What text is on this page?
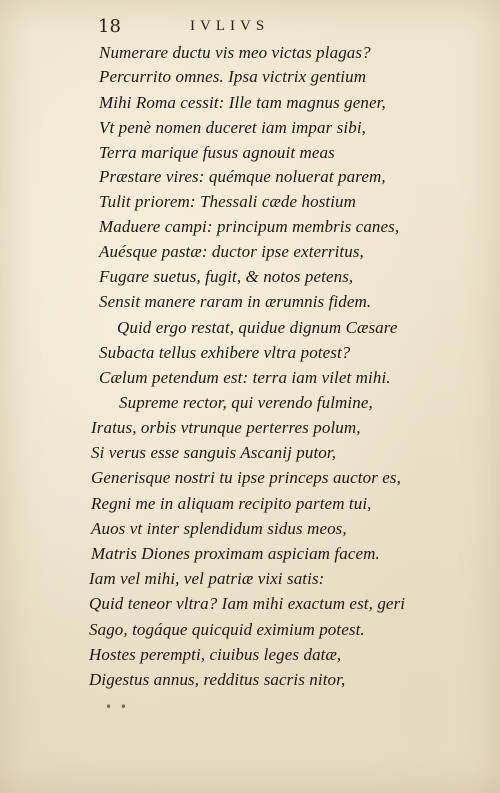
18	IVLIVS
Numerare ductu vis meo victas plagas?
Percurrito omnes. Ipsa victrix gentium
Mihi Roma cessit: Ille tam magnus gener,
Vt penè nomen duceret iam impar sibi,
Terra marique fusus agnouit meas
Præstare vires: quémque noluerat parem,
Tulit priorem: Thessali cæde hostium
Maduere campi: principum membris canes,
Auésque pastæ: ductor ipse exterritus,
Fugare suetus, fugit, & notos petens,
Sensit manere raram in ærumnis fidem.
Quid ergo restat, quidue dignum Cæsare
Subacta tellus exhibere vltra potest?
Cælum petendum est: terra iam vilet mihi.
Supreme rector, qui verendo fulmine,
Iratus, orbis vtrunque perterres polum,
Si verus esse sanguis Ascanij putor,
Generisque nostri tu ipse princeps auctor es,
Regni me in aliquam recipito partem tui,
Auos vt inter splendidum sidus meos,
Matris Diones proximam aspiciam facem.
Iam vel mihi, vel patriæ vixi satis:
Quid teneor vltra? Iam mihi exactum est, geri
Sago, togáque quicquid eximium potest.
Hostes perempti, ciuibus leges datæ,
Digestus annus, redditus sacris nitor,
• •
